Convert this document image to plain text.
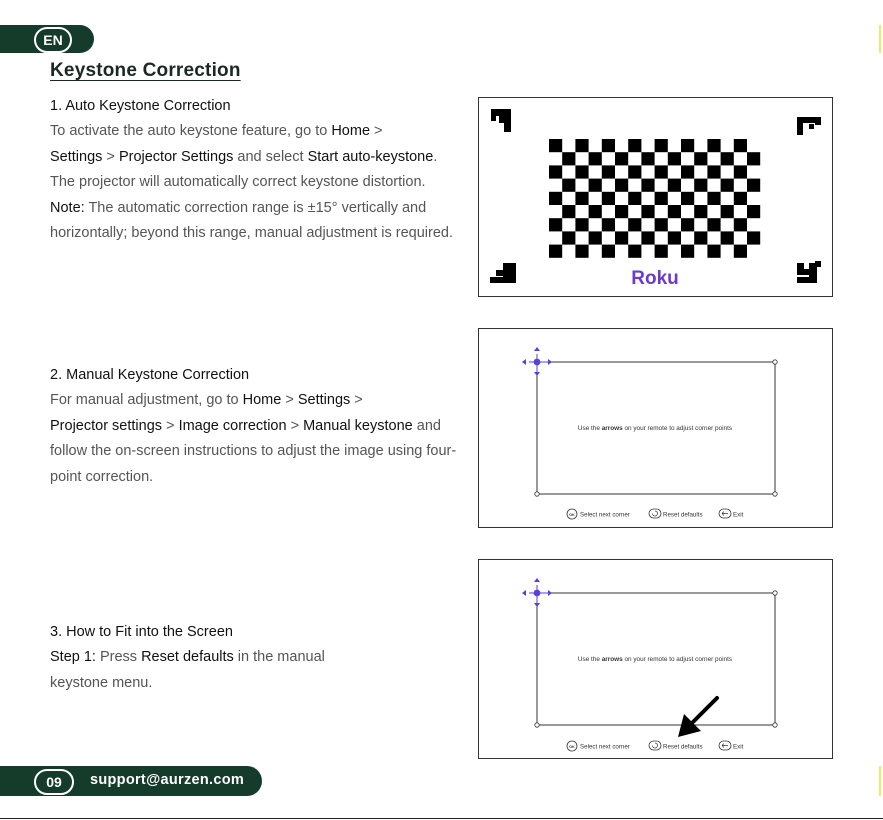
EN
Keystone Correction
1. Auto Keystone Correction
To activate the auto keystone feature, go to Home >
Settings > Projector Settings and select Start auto-keystone. The projector will automatically correct keystone distortion.
Note: The automatic correction range is ±15° vertically and horizontally; beyond this range, manual adjustment is required.
2. Manual Keystone Correction
For manual adjustment, go to Home > Settings >
Projector settings > Image correction > Manual keystone and follow the on-screen instructions to adjust the image using four-point correction.
3. How to Fit into the Screen
Step 1: Press Reset defaults in the manual keystone menu.
Roku
Use the arrows on your remote to adjust corner points
OK Select next corner	Reset defaults	Exit
Use the arrows on your remote to adjust corner points
OK Select next corner	Reset defaults	Exit
09	support@aurzen.com
